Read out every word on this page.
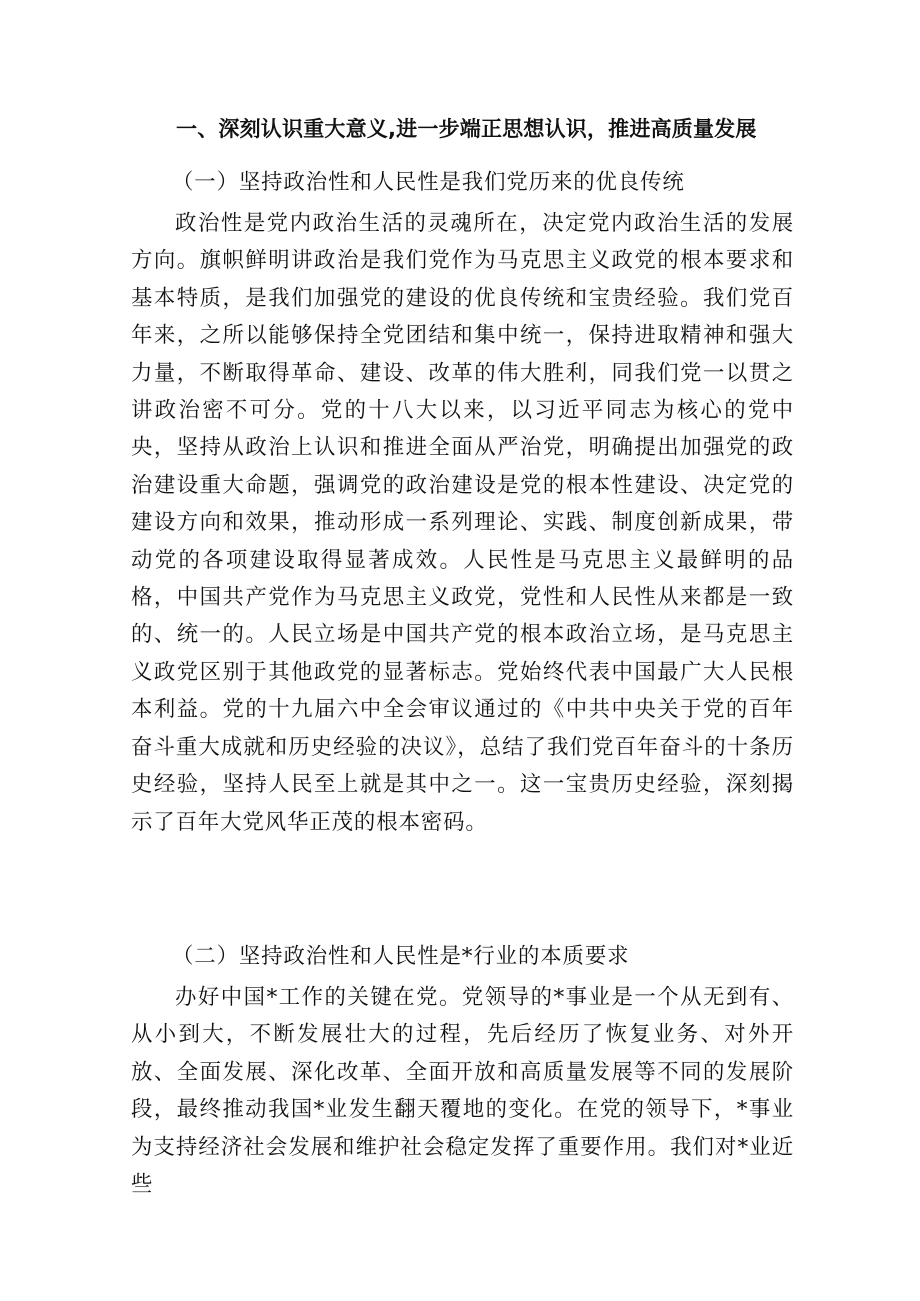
一、深刻认识重大意义,进一步端正思想认识，推进高质量发展
（一）坚持政治性和人民性是我们党历来的优良传统
政治性是党内政治生活的灵魂所在，决定党内政治生活的发展方向。旗帜鲜明讲政治是我们党作为马克思主义政党的根本要求和基本特质，是我们加强党的建设的优良传统和宝贵经验。我们党百年来，之所以能够保持全党团结和集中统一，保持进取精神和强大力量，不断取得革命、建设、改革的伟大胜利，同我们党一以贯之讲政治密不可分。党的十八大以来，以习近平同志为核心的党中央，坚持从政治上认识和推进全面从严治党，明确提出加强党的政治建设重大命题，强调党的政治建设是党的根本性建设、决定党的建设方向和效果，推动形成一系列理论、实践、制度创新成果，带动党的各项建设取得显著成效。人民性是马克思主义最鲜明的品格，中国共产党作为马克思主义政党，党性和人民性从来都是一致的、统一的。人民立场是中国共产党的根本政治立场，是马克思主义政党区别于其他政党的显著标志。党始终代表中国最广大人民根本利益。党的十九届六中全会审议通过的《中共中央关于党的百年奋斗重大成就和历史经验的决议》，总结了我们党百年奋斗的十条历史经验，坚持人民至上就是其中之一。这一宝贵历史经验，深刻揭示了百年大党风华正茂的根本密码。
（二）坚持政治性和人民性是*行业的本质要求
办好中国*工作的关键在党。党领导的*事业是一个从无到有、从小到大，不断发展壮大的过程，先后经历了恢复业务、对外开放、全面发展、深化改革、全面开放和高质量发展等不同的发展阶段，最终推动我国*业发生翻天覆地的变化。在党的领导下，*事业为支持经济社会发展和维护社会稳定发挥了重要作用。我们对*业近些
